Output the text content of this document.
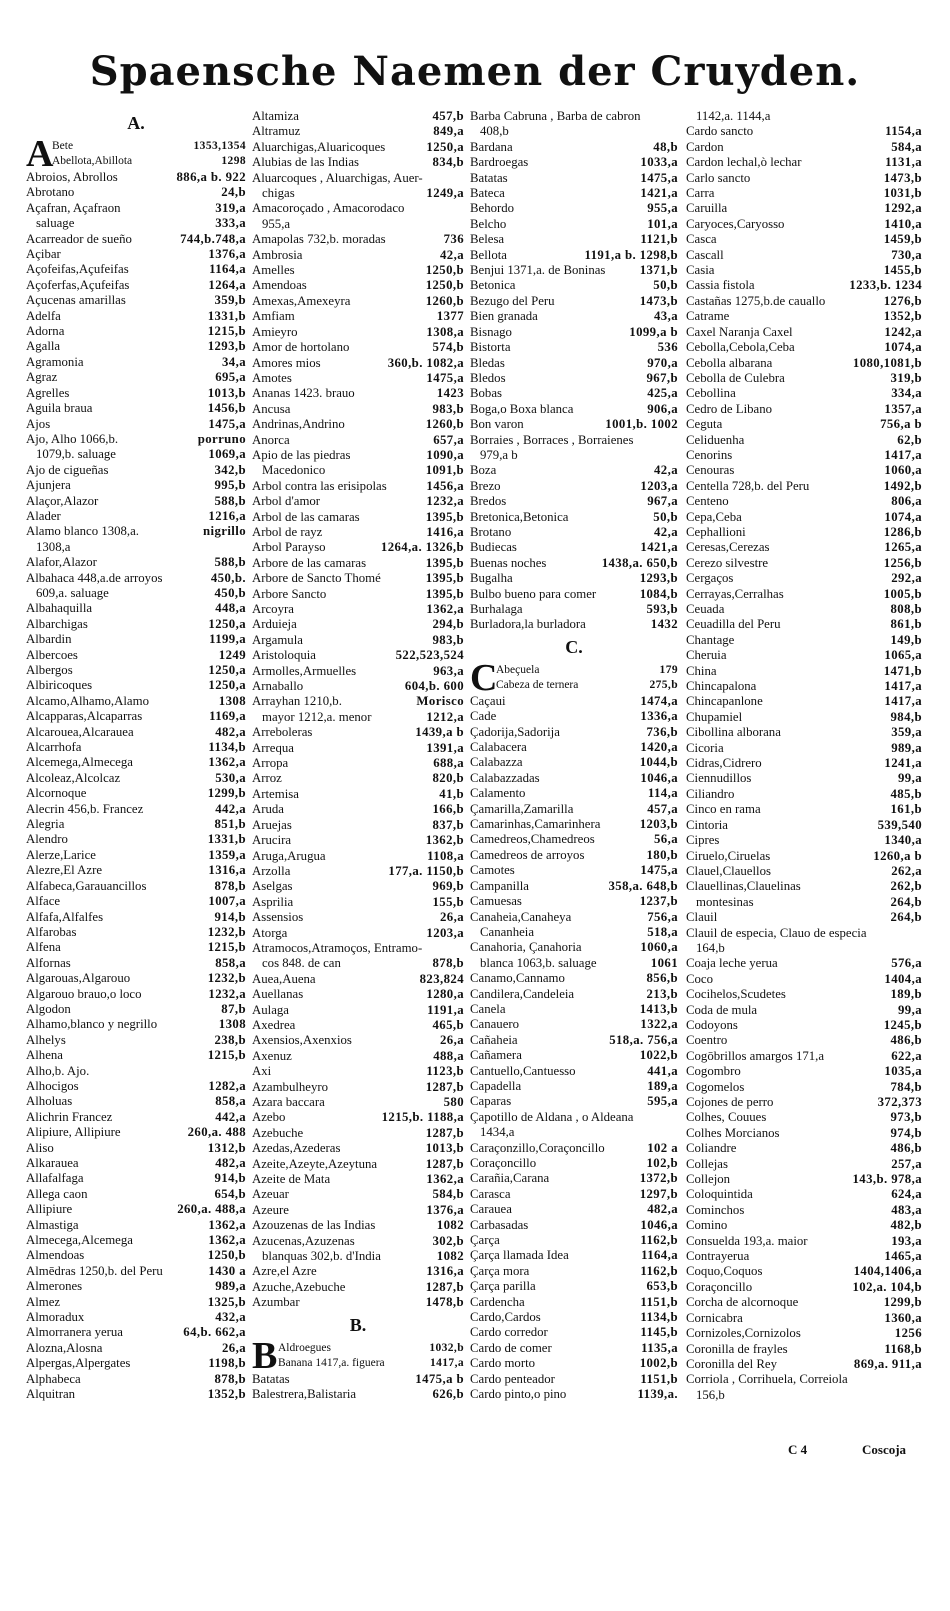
Spaensche Naemen der Cruyden.
A.
A
Bete	1353,1354
Abellota,Abillota	1298
Abroios, Abrollos	886,a b. 922
Abrotano	24,b
Açafran, Açafraon	319,a
saluage	333,a
Acarreador de sueño	744,b.748,a
Açibar	1376,a
Açofeifas,Açufeifas	1164,a
Açoferfas,Açufeifas	1264,a
Açucenas amarillas	359,b
Adelfa	1331,b
Adorna	1215,b
Agalla	1293,b
Agramonia	34,a
Agraz	695,a
Agrelles	1013,b
Aguila braua	1456,b
Ajos	1475,a
Ajo, Alho 1066,b.	porruno
1079,b. saluage	1069,a
Ajo de cigueñas	342,b
Ajunjera	995,b
Alaçor,Alazor	588,b
Alader	1216,a
Alamo blanco 1308,a.	nigrillo
1308,a
Alafor,Alazor	588,b
Albahaca 448,a.de arroyos	450,b.
609,a. saluage	450,b
Albahaquilla	448,a
Albarchigas	1250,a
Albardin	1199,a
Albercoes	1249
Albergos	1250,a
Albiricoques	1250,a
Alcamo,Alhamo,Alamo	1308
Alcapparas,Alcaparras	1169,a
Alcarouea,Alcarauea	482,a
Alcarrhofa	1134,b
Alcemega,Almecega	1362,a
Alcoleaz,Alcolcaz	530,a
Alcornoque	1299,b
Alecrin 456,b. Francez	442,a
Alegria	851,b
Alendro	1331,b
Alerze,Larice	1359,a
Alezre,El Azre	1316,a
Alfabeca,Garauancillos	878,b
Alface	1007,a
Alfafa,Alfalfes	914,b
Alfarobas	1232,b
Alfena	1215,b
Alfornas	858,a
Algarouas,Algarouo	1232,b
Algarouo brauo,o loco	1232,a
Algodon	87,b
Alhamo,blanco y negrillo	1308
Alhelys	238,b
Alhena	1215,b
Alho,b. Ajo.
Alhocigos	1282,a
Alholuas	858,a
Alichrin Francez	442,a
Alipiure, Allipiure	260,a. 488
Aliso	1312,b
Alkarauea	482,a
Allafalfaga	914,b
Allega caon	654,b
Allipiure	260,a. 488,a
Almastiga	1362,a
Almecega,Alcemega	1362,a
Almendoas	1250,b
Almēdras 1250,b. del Peru	1430 a
Almerones	989,a
Almez	1325,b
Almoradux	432,a
Almorranera yerua	64,b. 662,a
Alozna,Alosna	26,a
Alpergas,Alpergates	1198,b
Alphabeca	878,b
Alquitran	1352,b
Altamiza	457,b
Altramuz	849,a
Aluarchigas,Aluaricoques	1250,a
Alubias de las Indias	834,b
Aluarcoques , Aluarchigas, Auer-
chigas	1249,a
Amacoroçado , Amacorodaco
955,a
Amapolas 732,b. moradas	736
Ambrosia	42,a
Amelles	1250,b
Amendoas	1250,b
Amexas,Amexeyra	1260,b
Amfiam	1377
Amieyro	1308,a
Amor de hortolano	574,b
Amores mios	360,b. 1082,a
Amotes	1475,a
Ananas 1423. brauo	1423
Ancusa	983,b
Andrinas,Andrino	1260,b
Anorca	657,a
Apio de las piedras	1090,a
Macedonico	1091,b
Arbol contra las erisipolas	1456,a
Arbol d'amor	1232,a
Arbol de las camaras	1395,b
Arbol de rayz	1416,a
Arbol Parayso	1264,a. 1326,b
Arbore de las camaras	1395,b
Arbore de Sancto Thomé	1395,b
Arbore Sancto	1395,b
Arcoyra	1362,a
Arduieja	294,b
Argamula	983,b
Aristoloquia	522,523,524
Armolles,Armuelles	963,a
Arnaballo	604,b. 600
Arrayhan 1210,b.	Morisco
mayor 1212,a. menor	1212,a
Arreboleras	1439,a b
Arrequa	1391,a
Arropa	688,a
Arroz	820,b
Artemisa	41,b
Aruda	166,b
Aruejas	837,b
Arucira	1362,b
Aruga,Arugua	1108,a
Arzolla	177,a. 1150,b
Aselgas	969,b
Asprilia	155,b
Assensios	26,a
Atorga	1203,a
Atramocos,Atramoços, Entramo-
cos 848. de can	878,b
Auea,Auena	823,824
Auellanas	1280,a
Aulaga	1191,a
Axedrea	465,b
Axensios,Axenxios	26,a
Axenuz	488,a
Axi	1123,b
Azambulheyro	1287,b
Azara baccara	580
Azebo	1215,b. 1188,a
Azebuche	1287,b
Azedas,Azederas	1013,b
Azeite,Azeyte,Azeytuna	1287,b
Azeite de Mata	1362,a
Azeuar	584,b
Azeure	1376,a
Azouzenas de las Indias	1082
Azucenas,Azuzenas	302,b
blanquas 302,b. d'India	1082
Azre,el Azre	1316,a
Azuche,Azebuche	1287,b
Azumbar	1478,b
B.
B Aldroegues	1032,b
Banana 1417,a. figuera	1417,a
Batatas	1475,a b
Balestrera,Balistaria	626,b
Barba Cabruna , Barba de cabron
408,b
Bardana	48,b
Bardroegas	1033,a
Batatas	1475,a
Bateca	1421,a
Behordo	955,a
Belcho	101,a
Belesa	1121,b
Bellota	1191,a b. 1298,b
Benjui 1371,a. de Boninas	1371,b
Betonica	50,b
Bezugo del Peru	1473,b
Bien granada	43,a
Bisnago	1099,a b
Bistorta	536
Bledas	970,a
Bledos	967,b
Bobas	425,a
Boga,o Boxa blanca	906,a
Bon varon	1001,b. 1002
Borraies , Borraces , Borraienes
979,a b
Boza	42,a
Brezo	1203,a
Bredos	967,a
Bretonica,Betonica	50,b
Brotano	42,a
Budiecas	1421,a
Buenas noches	1438,a. 650,b
Bugalha	1293,b
Bulbo bueno para comer	1084,b
Burhalaga	593,b
Burladora,la burladora	1432
C.
C
Abeçuela	179
Cabeza de ternera	275,b
Caçaui	1474,a
Cade	1336,a
Çadorija,Sadorija	736,b
Calabacera	1420,a
Calabazza	1044,b
Calabazzadas	1046,a
Calamento	114,a
Çamarilla,Zamarilla	457,a
Camarinhas,Camarinhera	1203,b
Camedreos,Chamedreos	56,a
Camedreos de arroyos	180,b
Camotes	1475,a
Campanilla	358,a. 648,b
Camuesas	1237,b
Canaheia,Canaheya	756,a
Cananheia	518,a
Canahoria, Çanahoria	1060,a
blanca 1063,b. saluage	1061
Canamo,Cannamo	856,b
Candilera,Candeleia	213,b
Canela	1413,b
Canauero	1322,a
Cañaheia	518,a. 756,a
Cañamera	1022,b
Cantuello,Cantuesso	441,a
Capadella	189,a
Caparas	595,a
Çapotillo de Aldana , o Aldeana
1434,a
Caraçonzillo,Coraçoncillo	102 a
Coraçoncillo	102,b
Carañia,Carana	1372,b
Carasca	1297,b
Carauea	482,a
Carbasadas	1046,a
Çarça	1162,b
Çarça llamada Idea	1164,a
Çarça mora	1162,b
Çarça parilla	653,b
Cardencha	1151,b
Cardo,Cardos	1134,b
Cardo corredor	1145,b
Cardo de comer	1135,a
Cardo morto	1002,b
Cardo penteador	1151,b
Cardo pinto,o pino	1139,a.
1142,a. 1144,a
Cardo sancto	1154,a
Cardon	584,a
Cardon lechal,ò lechar	1131,a
Carlo sancto	1473,b
Carra	1031,b
Caruilla	1292,a
Caryoces,Caryosso	1410,a
Casca	1459,b
Cascall	730,a
Casia	1455,b
Cassia fistola	1233,b. 1234
Castañas 1275,b.de cauallo	1276,b
Catrame	1352,b
Caxel Naranja Caxel	1242,a
Cebolla,Cebola,Ceba	1074,a
Cebolla albarana	1080,1081,b
Cebolla de Culebra	319,b
Cebollina	334,a
Cedro de Libano	1357,a
Ceguta	756,a b
Celiduenha	62,b
Cenorins	1417,a
Cenouras	1060,a
Centella 728,b. del Peru	1492,b
Centeno	806,a
Cepa,Ceba	1074,a
Cephallioni	1286,b
Ceresas,Cerezas	1265,a
Cerezo silvestre	1256,b
Cergaços	292,a
Cerrayas,Cerralhas	1005,b
Ceuada	808,b
Ceuadilla del Peru	861,b
Chantage	149,b
Cheruia	1065,a
China	1471,b
Chincapalona	1417,a
Chincapanlone	1417,a
Chupamiel	984,b
Cibollina alborana	359,a
Cicoria	989,a
Cidras,Cidrero	1241,a
Ciennudillos	99,a
Ciliandro	485,b
Cinco en rama	161,b
Cintoria	539,540
Cipres	1340,a
Ciruelo,Ciruelas	1260,a b
Clauel,Clauellos	262,a
Clauellinas,Clauelinas	262,b
montesinas	264,b
Clauil	264,b
Clauil de especia, Clauo de especia
164,b
Coaja leche yerua	576,a
Coco	1404,a
Cocihelos,Scudetes	189,b
Coda de mula	99,a
Codoyons	1245,b
Coentro	486,b
Cogōbrillos amargos 171,a	622,a
Cogombro	1035,a
Cogomelos	784,b
Cojones de perro	372,373
Colhes, Couues	973,b
Colhes Morcianos	974,b
Coliandre	486,b
Collejas	257,a
Collejon	143,b. 978,a
Coloquintida	624,a
Cominchos	483,a
Comino	482,b
Consuelda 193,a. maior	193,a
Contrayerua	1465,a
Coquo,Coquos	1404,1406,a
Coraçoncillo	102,a. 104,b
Corcha de alcornoque	1299,b
Cornicabra	1360,a
Cornizoles,Cornizolos	1256
Coronilla de frayles	1168,b
Coronilla del Rey	869,a. 911,a
Corriola , Corrihuela, Correiola
156,b
C 4	Coscoja
